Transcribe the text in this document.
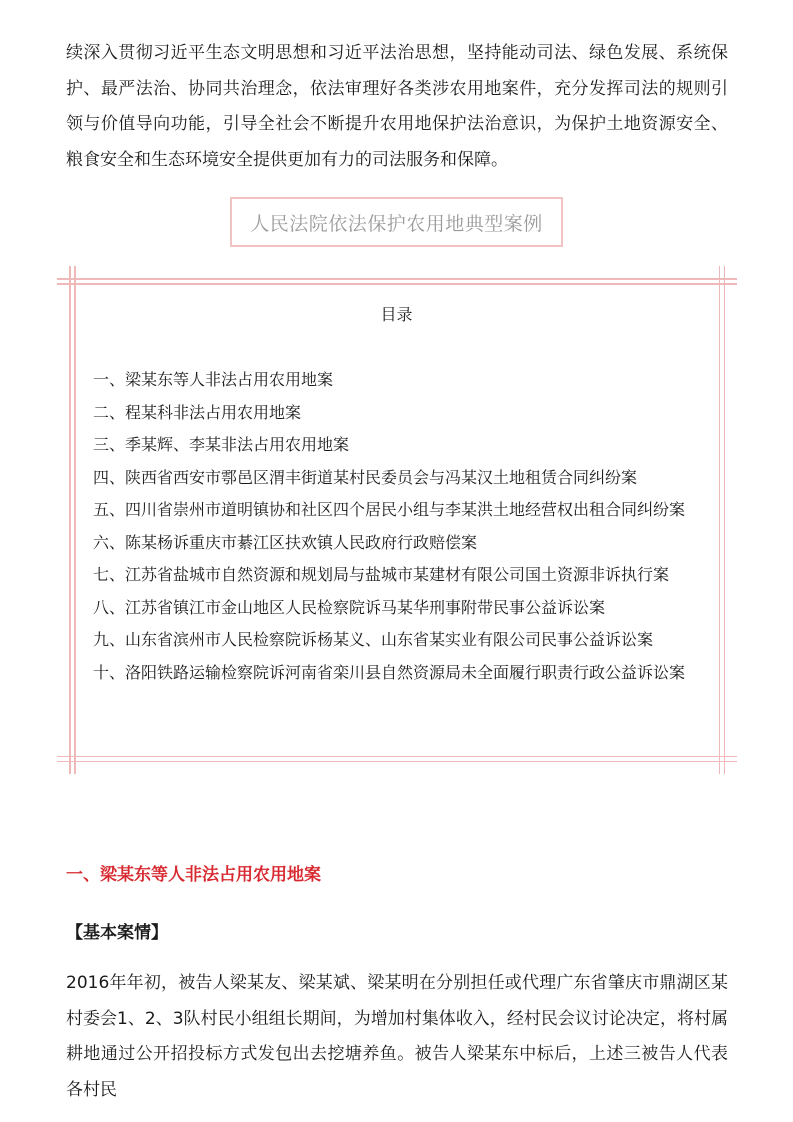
续深入贯彻习近平生态文明思想和习近平法治思想，坚持能动司法、绿色发展、系统保护、最严法治、协同共治理念，依法审理好各类涉农用地案件，充分发挥司法的规则引领与价值导向功能，引导全社会不断提升农用地保护法治意识，为保护土地资源安全、粮食安全和生态环境安全提供更加有力的司法服务和保障。

人民法院依法保护农用地典型案例
目录
一、梁某东等人非法占用农用地案
二、程某科非法占用农用地案
三、季某辉、李某非法占用农用地案
四、陕西省西安市鄠邑区渭丰街道某村民委员会与冯某汉土地租赁合同纠纷案
五、四川省崇州市道明镇协和社区四个居民小组与李某洪土地经营权出租合同纠纷案
六、陈某杨诉重庆市綦江区扶欢镇人民政府行政赔偿案
七、江苏省盐城市自然资源和规划局与盐城市某建材有限公司国土资源非诉执行案
八、江苏省镇江市金山地区人民检察院诉马某华刑事附带民事公益诉讼案
九、山东省滨州市人民检察院诉杨某义、山东省某实业有限公司民事公益诉讼案
十、洛阳铁路运输检察院诉河南省栾川县自然资源局未全面履行职责行政公益诉讼案
一、梁某东等人非法占用农用地案
【基本案情】

2016年年初，被告人梁某友、梁某斌、梁某明在分别担任或代理广东省肇庆市鼎湖区某村委会1、2、3队村民小组组长期间，为增加村集体收入，经村民会议讨论决定，将村属耕地通过公开招投标方式发包出去挖塘养鱼。被告人梁某东中标后，上述三被告人代表各村民
